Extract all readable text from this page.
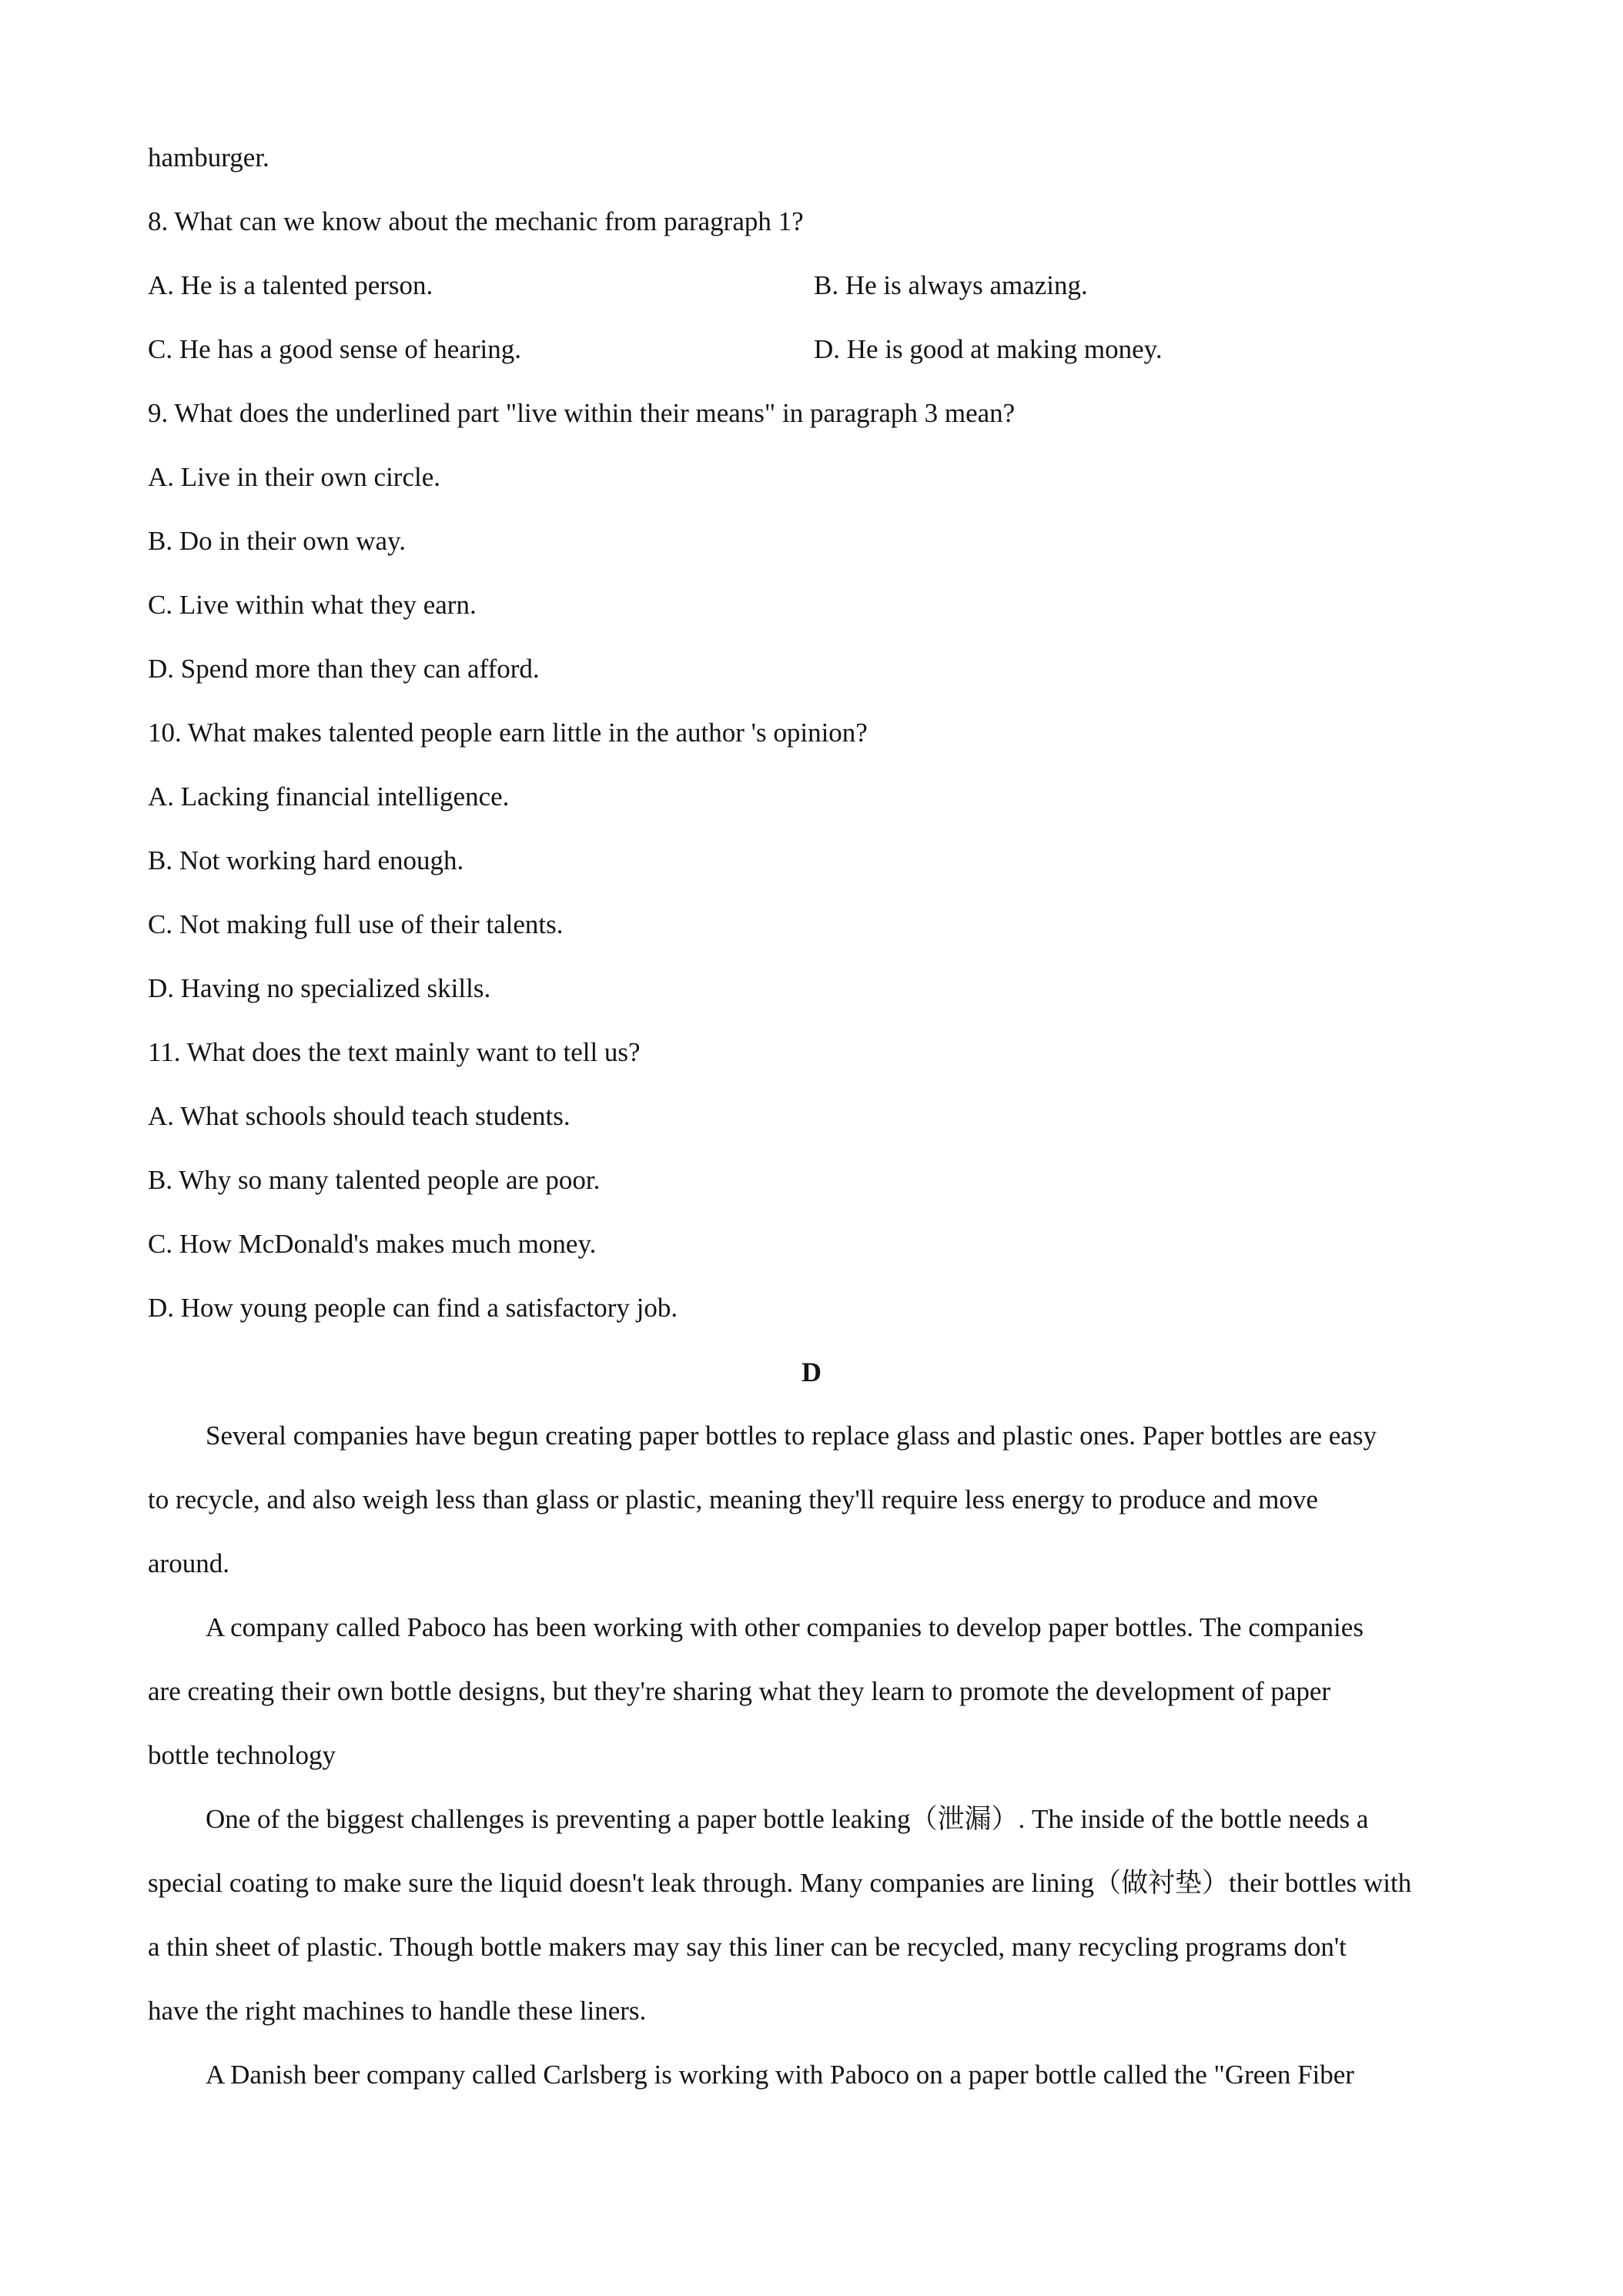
hamburger.
8. What can we know about the mechanic from paragraph 1?
A. He is a talented person.	B. He is always amazing.
C. He has a good sense of hearing.	D. He is good at making money.
9. What does the underlined part "live within their means" in paragraph 3 mean?
A. Live in their own circle.
B. Do in their own way.
C. Live within what they earn.
D. Spend more than they can afford.
10. What makes talented people earn little in the author 's opinion?
A. Lacking financial intelligence.
B. Not working hard enough.
C. Not making full use of their talents.
D. Having no specialized skills.
11. What does the text mainly want to tell us?
A. What schools should teach students.
B. Why so many talented people are poor.
C. How McDonald's makes much money.
D. How young people can find a satisfactory job.
D
Several companies have begun creating paper bottles to replace glass and plastic ones. Paper bottles are easy
to recycle, and also weigh less than glass or plastic, meaning they'll require less energy to produce and move
around.
A company called Paboco has been working with other companies to develop paper bottles. The companies
are creating their own bottle designs, but they're sharing what they learn to promote the development of paper
bottle technology
One of the biggest challenges is preventing a paper bottle leaking（泄漏）. The inside of the bottle needs a
special coating to make sure the liquid doesn't leak through. Many companies are lining（做衬垫）their bottles with
a thin sheet of plastic. Though bottle makers may say this liner can be recycled, many recycling programs don't
have the right machines to handle these liners.
A Danish beer company called Carlsberg is working with Paboco on a paper bottle called the "Green Fiber
